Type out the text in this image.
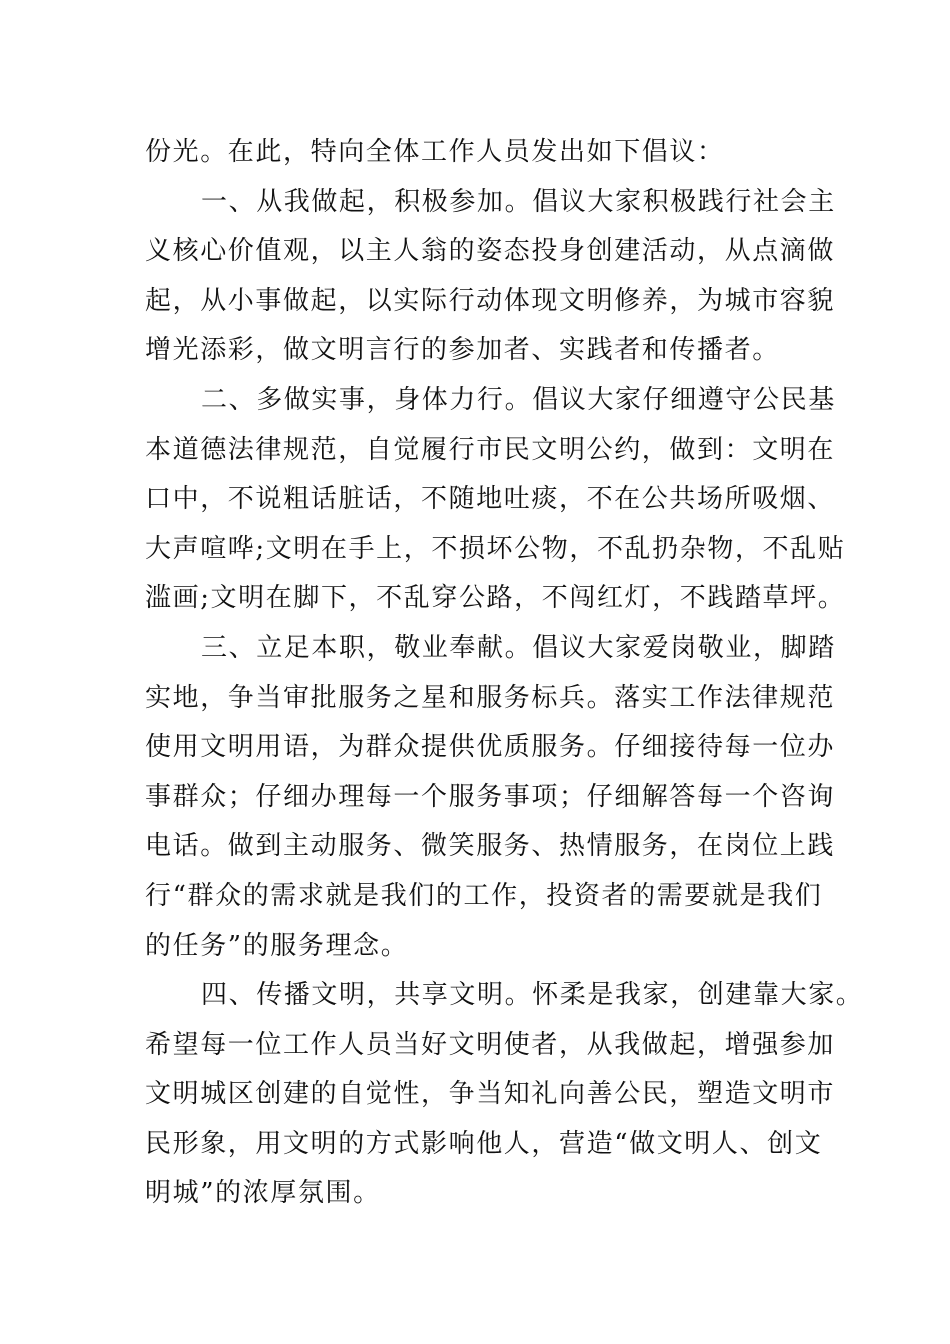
份光。在此，特向全体工作人员发出如下倡议：
一、从我做起，积极参加。倡议大家积极践行社会主
义核心价值观，以主人翁的姿态投身创建活动，从点滴做
起，从小事做起，以实际行动体现文明修养，为城市容貌
增光添彩，做文明言行的参加者、实践者和传播者。
二、多做实事，身体力行。倡议大家仔细遵守公民基
本道德法律规范，自觉履行市民文明公约，做到：文明在
口中，不说粗话脏话，不随地吐痰，不在公共场所吸烟、
大声喧哗;文明在手上，不损坏公物，不乱扔杂物，不乱贴
滥画;文明在脚下，不乱穿公路，不闯红灯，不践踏草坪。
三、立足本职，敬业奉献。倡议大家爱岗敬业，脚踏
实地，争当审批服务之星和服务标兵。落实工作法律规范
使用文明用语，为群众提供优质服务。仔细接待每一位办
事群众；仔细办理每一个服务事项；仔细解答每一个咨询
电话。做到主动服务、微笑服务、热情服务，在岗位上践
行“群众的需求就是我们的工作，投资者的需要就是我们
的任务”的服务理念。
四、传播文明，共享文明。怀柔是我家，创建靠大家。
希望每一位工作人员当好文明使者，从我做起，增强参加
文明城区创建的自觉性，争当知礼向善公民，塑造文明市
民形象，用文明的方式影响他人，营造“做文明人、创文
明城”的浓厚氛围。
